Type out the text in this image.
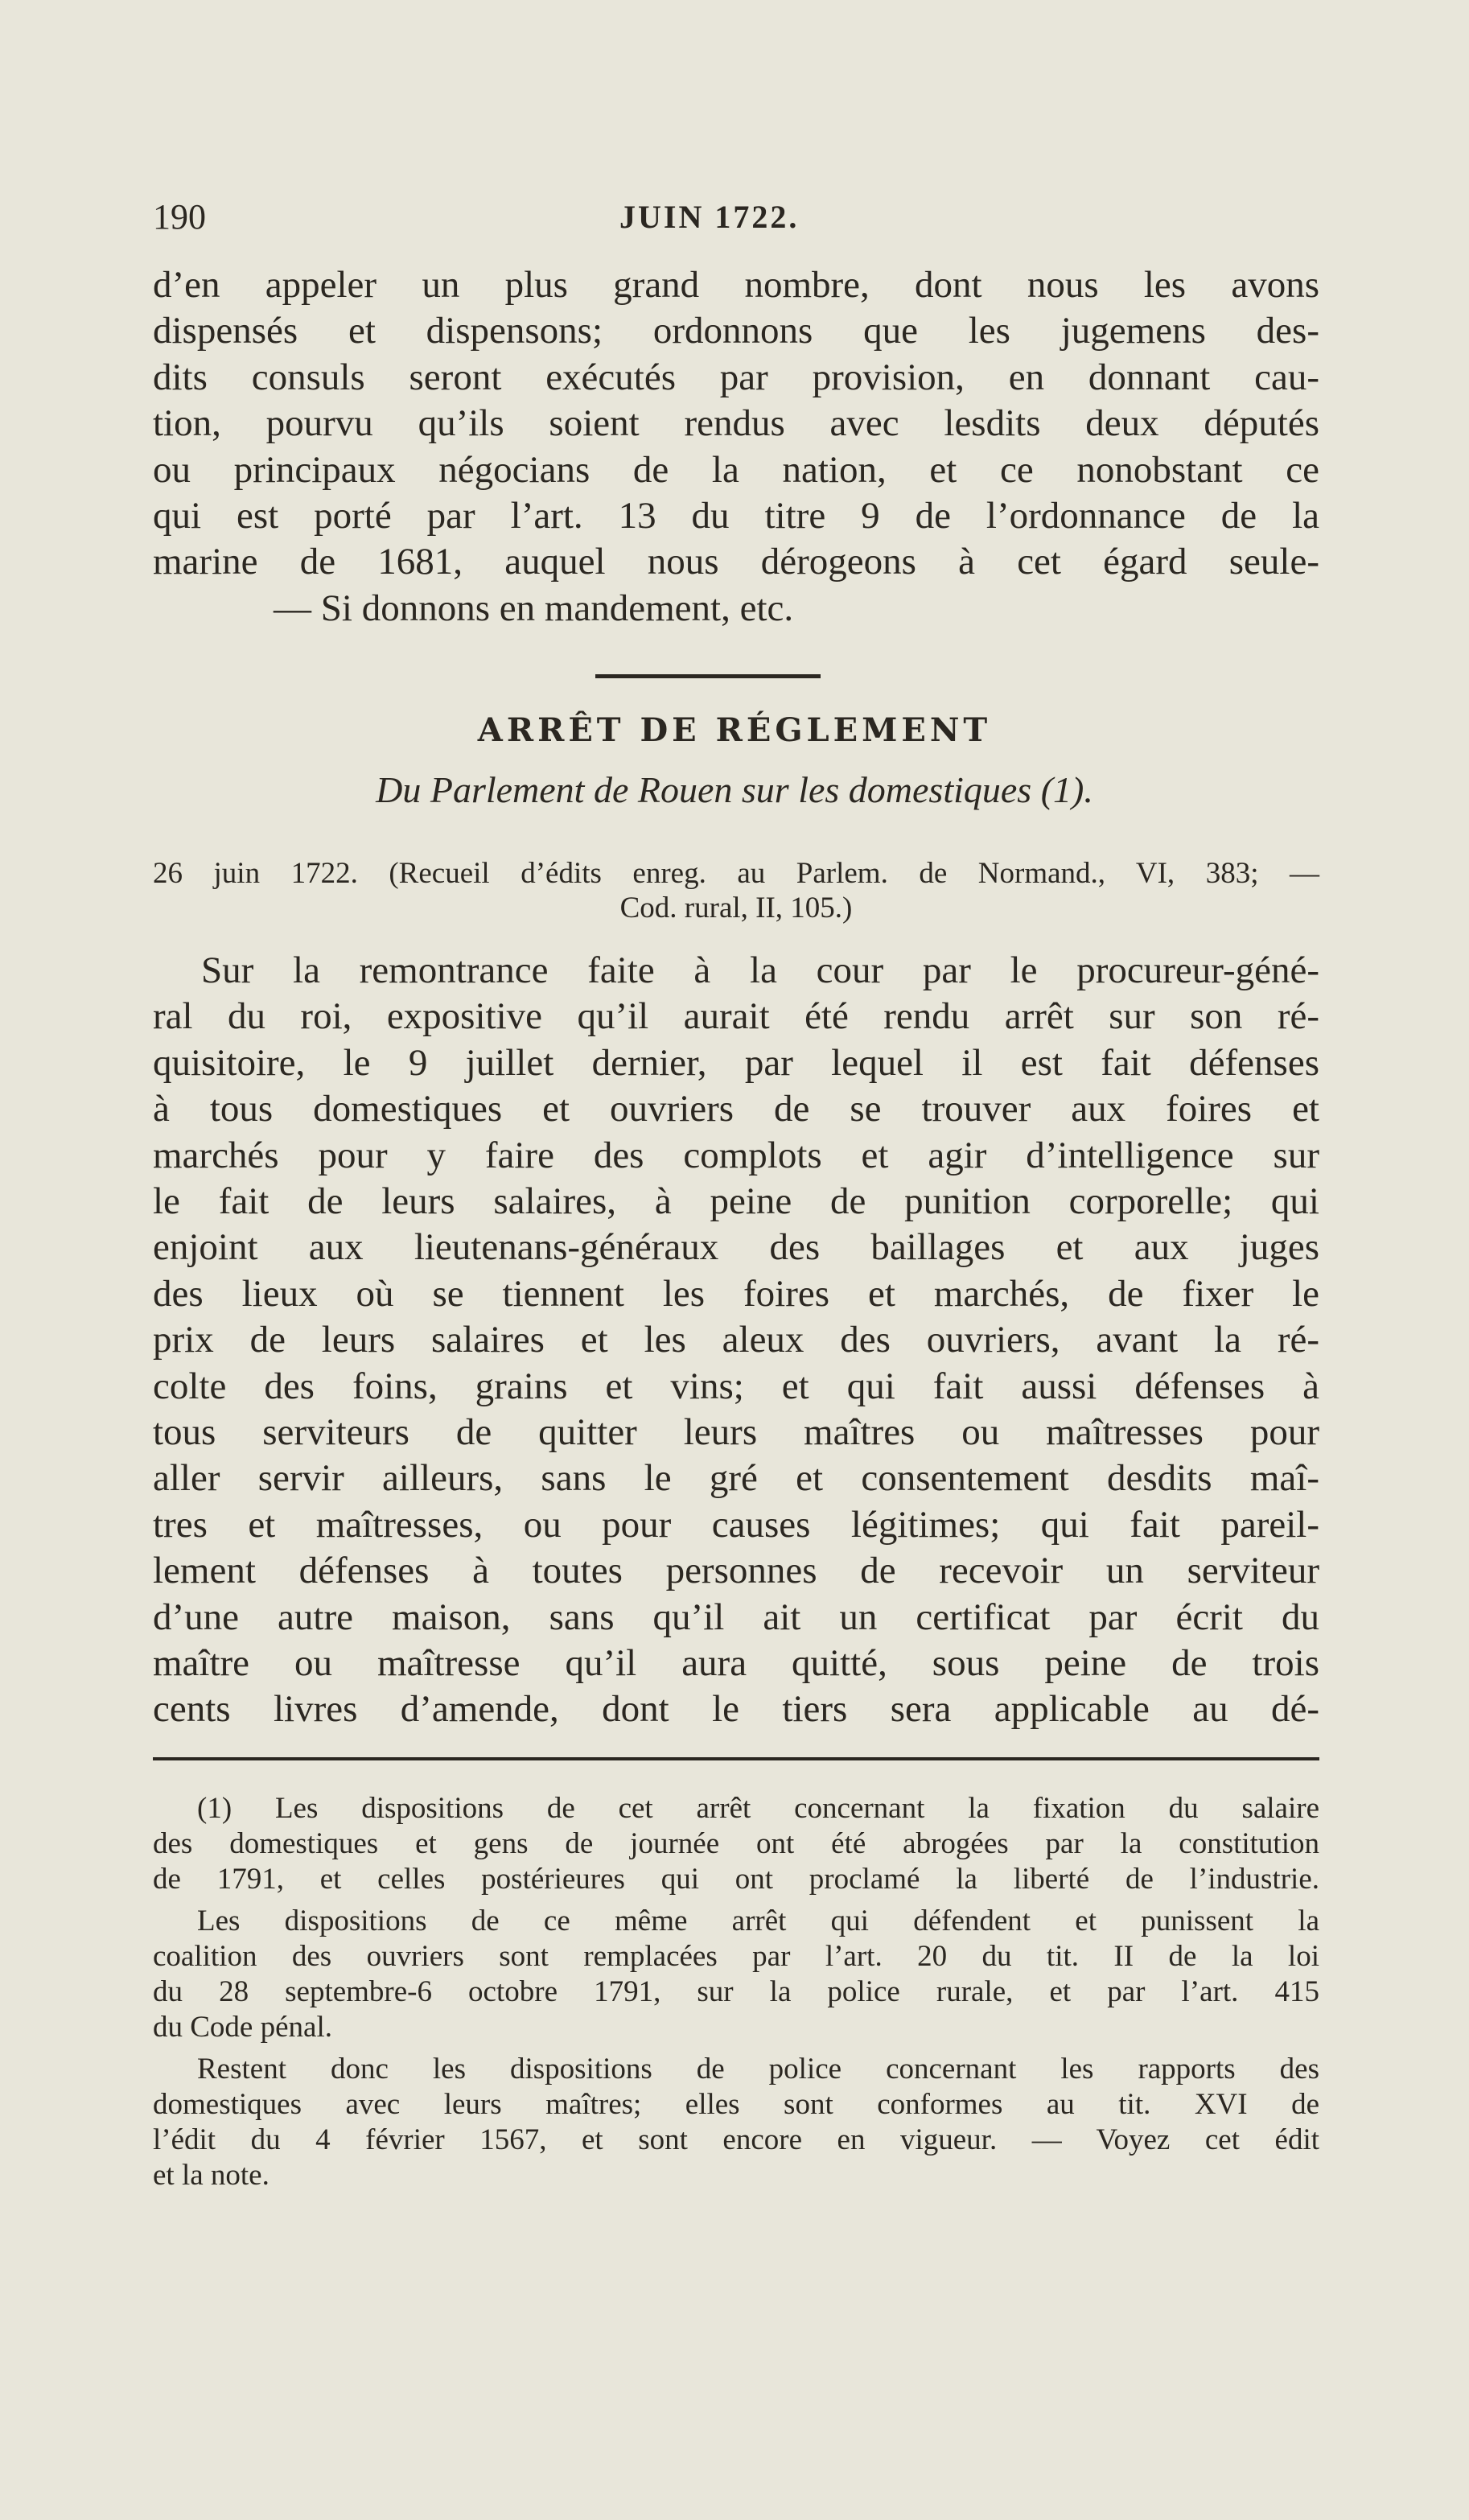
190	JUIN 1722.
d’en appeler un plus grand nombre, dont nous les avons
dispensés et dispensons; ordonnons que les jugemens des-
dits consuls seront exécutés par provision, en donnant cau-
tion, pourvu qu’ils soient rendus avec lesdits deux députés
ou principaux négocians de la nation, et ce nonobstant ce
qui est porté par l’art. 13 du titre 9 de l’ordonnance de la
marine de 1681, auquel nous dérogeons à cet égard seule-
— Si donnons en mandement, etc.
ARRÊT DE RÉGLEMENT
Du Parlement de Rouen sur les domestiques (1).
26 juin 1722. (Recueil d’édits enreg. au Parlem. de Normand., VI, 383; —
Cod. rural, II, 105.)
Sur la remontrance faite à la cour par le procureur-géné-
ral du roi, expositive qu’il aurait été rendu arrêt sur son ré-
quisitoire, le 9 juillet dernier, par lequel il est fait défenses
à tous domestiques et ouvriers de se trouver aux foires et
marchés pour y faire des complots et agir d’intelligence sur
le fait de leurs salaires, à peine de punition corporelle; qui
enjoint aux lieutenans-généraux des baillages et aux juges
des lieux où se tiennent les foires et marchés, de fixer le
prix de leurs salaires et les aleux des ouvriers, avant la ré-
colte des foins, grains et vins; et qui fait aussi défenses à
tous serviteurs de quitter leurs maîtres ou maîtresses pour
aller servir ailleurs, sans le gré et consentement desdits maî-
tres et maîtresses, ou pour causes légitimes; qui fait pareil-
lement défenses à toutes personnes de recevoir un serviteur
d’une autre maison, sans qu’il ait un certificat par écrit du
maître ou maîtresse qu’il aura quitté, sous peine de trois
cents livres d’amende, dont le tiers sera applicable au dé-
(1) Les dispositions de cet arrêt concernant la fixation du salaire
des domestiques et gens de journée ont été abrogées par la constitution
de 1791, et celles postérieures qui ont proclamé la liberté de l’industrie.
Les dispositions de ce même arrêt qui défendent et punissent la
coalition des ouvriers sont remplacées par l’art. 20 du tit. II de la loi
du 28 septembre-6 octobre 1791, sur la police rurale, et par l’art. 415
du Code pénal.
Restent donc les dispositions de police concernant les rapports des
domestiques avec leurs maîtres; elles sont conformes au tit. XVI de
l’édit du 4 février 1567, et sont encore en vigueur. — Voyez cet édit
et la note.
